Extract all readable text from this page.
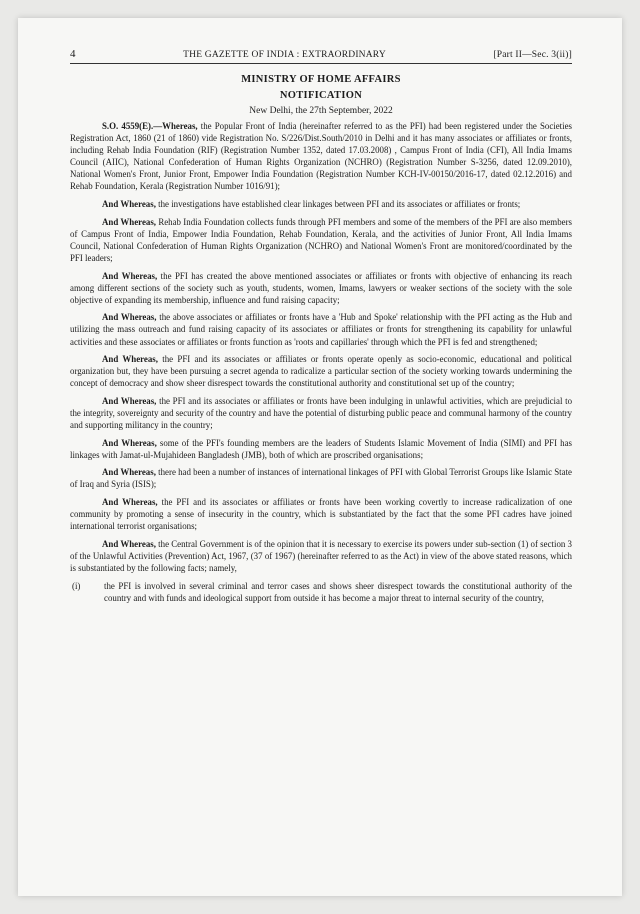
4	THE GAZETTE OF INDIA : EXTRAORDINARY	[Part II—Sec. 3(ii)]
MINISTRY OF HOME AFFAIRS
NOTIFICATION
New Delhi, the 27th September, 2022

S.O. 4559(E).—Whereas, the Popular Front of India (hereinafter referred to as the PFI) had been registered under the Societies Registration Act, 1860 (21 of 1860) vide Registration No. S/226/Dist.South/2010 in Delhi and it has many associates or affiliates or fronts, including Rehab India Foundation (RIF) (Registration Number 1352, dated 17.03.2008) , Campus Front of India (CFI), All India Imams Council (AIIC), National Confederation of Human Rights Organization (NCHRO) (Registration Number S-3256, dated 12.09.2010), National Women's Front, Junior Front, Empower India Foundation (Registration Number KCH-IV-00150/2016-17, dated 02.12.2016) and Rehab Foundation, Kerala (Registration Number 1016/91);

And Whereas, the investigations have established clear linkages between PFI and its associates or affiliates or fronts;

And Whereas, Rehab India Foundation collects funds through PFI members and some of the members of the PFI are also members of Campus Front of India, Empower India Foundation, Rehab Foundation, Kerala, and the activities of Junior Front, All India Imams Council, National Confederation of Human Rights Organization (NCHRO) and National Women's Front are monitored/coordinated by the PFI leaders;

And Whereas, the PFI has created the above mentioned associates or affiliates or fronts with objective of enhancing its reach among different sections of the society such as youth, students, women, Imams, lawyers or weaker sections of the society with the sole objective of expanding its membership, influence and fund raising capacity;

And Whereas, the above associates or affiliates or fronts have a 'Hub and Spoke' relationship with the PFI acting as the Hub and utilizing the mass outreach and fund raising capacity of its associates or affiliates or fronts for strengthening its capability for unlawful activities and these associates or affiliates or fronts function as 'roots and capillaries' through which the PFI is fed and strengthened;

And Whereas, the PFI and its associates or affiliates or fronts operate openly as socio-economic, educational and political organization but, they have been pursuing a secret agenda to radicalize a particular section of the society working towards undermining the concept of democracy and show sheer disrespect towards the constitutional authority and constitutional set up of the country;

And Whereas, the PFI and its associates or affiliates or fronts have been indulging in unlawful activities, which are prejudicial to the integrity, sovereignty and security of the country and have the potential of disturbing public peace and communal harmony of the country and supporting militancy in the country;

And Whereas, some of the PFI's founding members are the leaders of Students Islamic Movement of India (SIMI) and PFI has linkages with Jamat-ul-Mujahideen Bangladesh (JMB), both of which are proscribed organisations;

And Whereas, there had been a number of instances of international linkages of PFI with Global Terrorist Groups like Islamic State of Iraq and Syria (ISIS);

And Whereas, the PFI and its associates or affiliates or fronts have been working covertly to increase radicalization of one community by promoting a sense of insecurity in the country, which is substantiated by the fact that the some PFI cadres have joined international terrorist organisations;

And Whereas, the Central Government is of the opinion that it is necessary to exercise its powers under sub-section (1) of section 3 of the Unlawful Activities (Prevention) Act, 1967, (37 of 1967) (hereinafter referred to as the Act) in view of the above stated reasons, which is substantiated by the following facts; namely,

(i)	the PFI is involved in several criminal and terror cases and shows sheer disrespect towards the constitutional authority of the country and with funds and ideological support from outside it has become a major threat to internal security of the country,
